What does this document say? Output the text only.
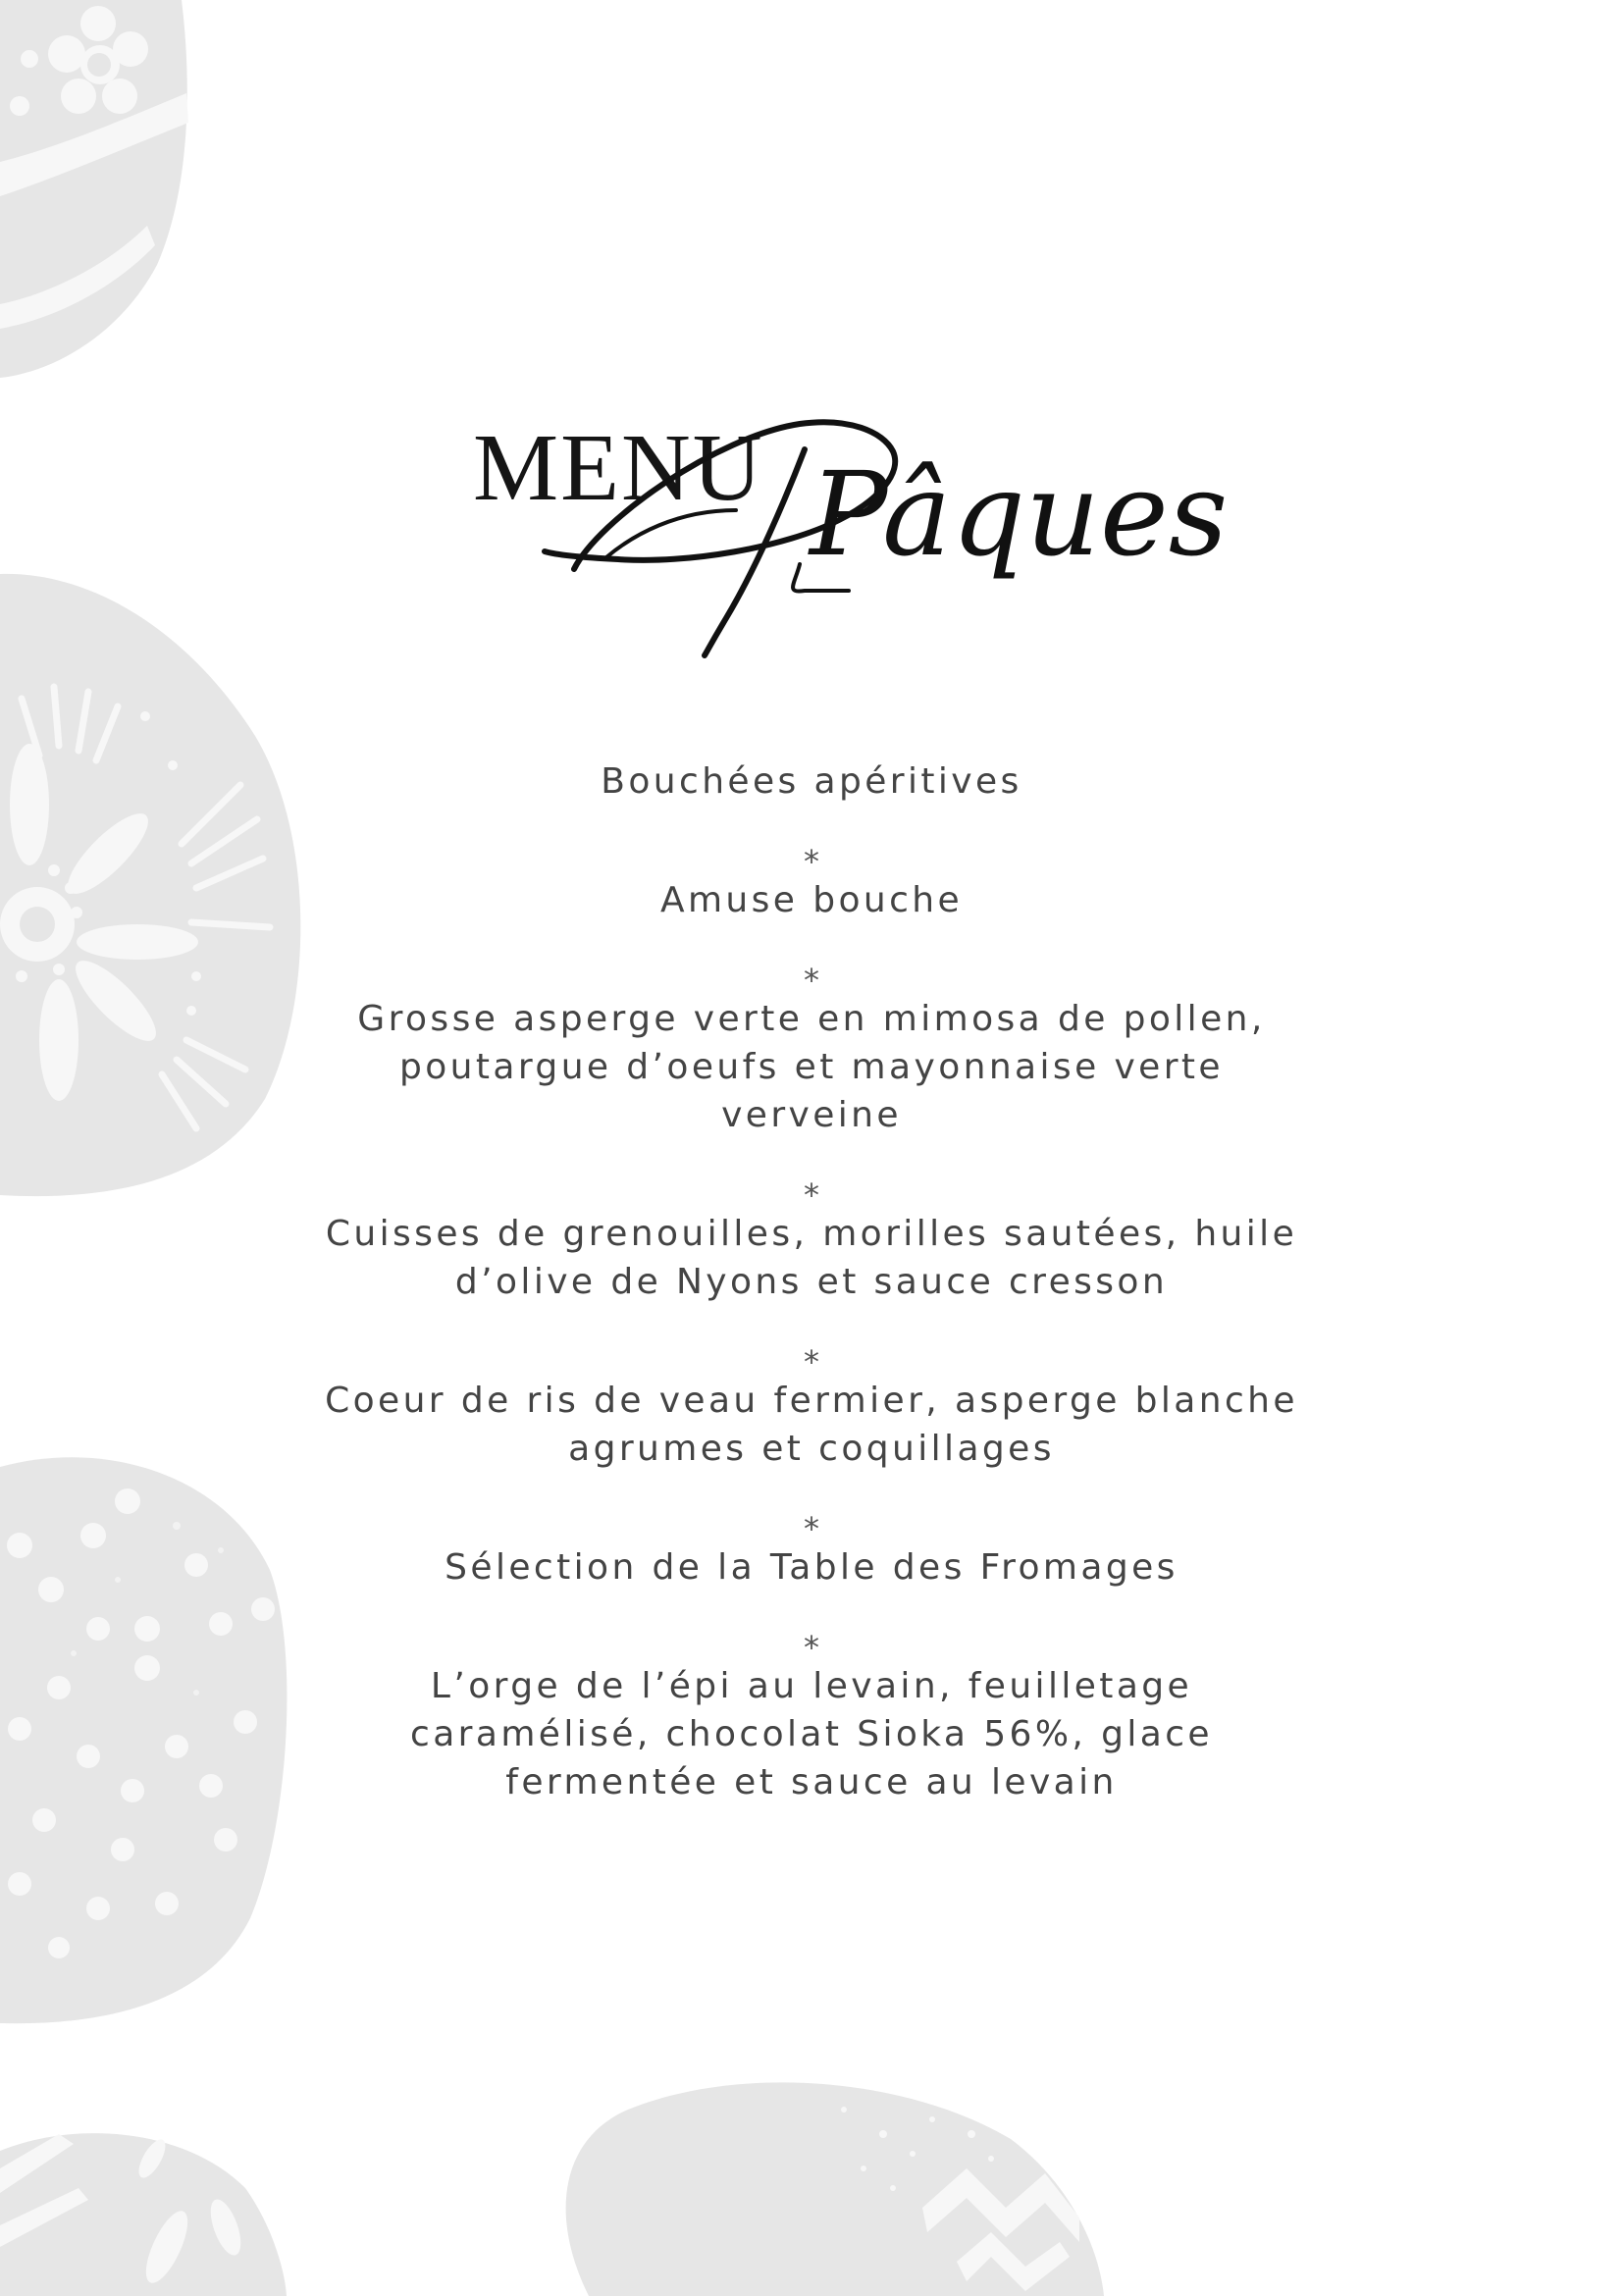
MENU Pâques

Bouchées apéritives

*

Amuse bouche

*

Grosse asperge verte en mimosa de pollen, poutargue d’oeufs et mayonnaise verte verveine

*

Cuisses de grenouilles, morilles sautées, huile d’olive de Nyons et sauce cresson

*

Coeur de ris de veau fermier, asperge blanche agrumes et coquillages

*

Sélection de la Table des Fromages

*

L’orge de l’épi au levain, feuilletage caramélisé, chocolat Sioka 56%, glace fermentée et sauce au levain
